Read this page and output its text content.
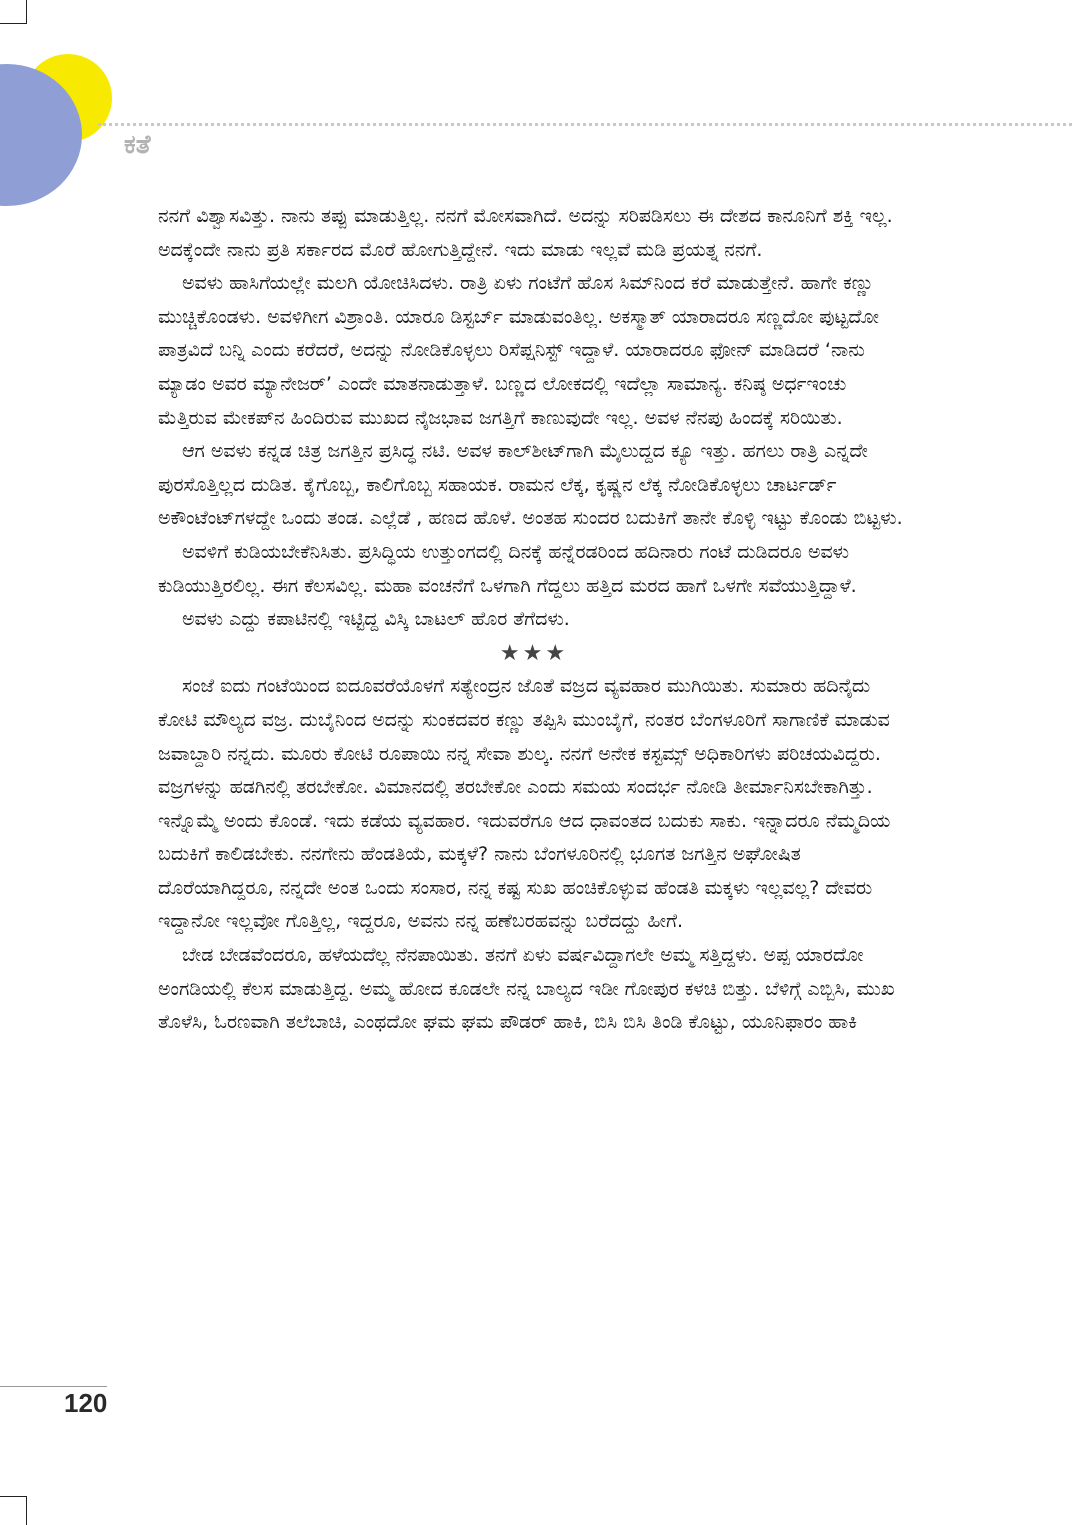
ಕತೆ

ನನಗೆ ವಿಶ್ವಾಸವಿತ್ತು. ನಾನು ತಪ್ಪು ಮಾಡುತ್ತಿಲ್ಲ. ನನಗೆ ಮೋಸವಾಗಿದೆ. ಅದನ್ನು ಸರಿಪಡಿಸಲು ಈ ದೇಶದ ಕಾನೂನಿಗೆ ಶಕ್ತಿ ಇಲ್ಲ. ಅದಕ್ಕೆಂದೇ ನಾನು ಪ್ರತಿ ಸರ್ಕಾರದ ಮೊರೆ ಹೋಗುತ್ತಿದ್ದೇನೆ. ಇದು ಮಾಡು ಇಲ್ಲವೆ ಮಡಿ ಪ್ರಯತ್ನ ನನಗೆ.

ಅವಳು ಹಾಸಿಗೆಯಲ್ಲೇ ಮಲಗಿ ಯೋಚಿಸಿದಳು. ರಾತ್ರಿ ಏಳು ಗಂಟೆಗೆ ಹೊಸ ಸಿಮ್‌ನಿಂದ ಕರೆ ಮಾಡುತ್ತೇನೆ. ಹಾಗೇ ಕಣ್ಣು ಮುಚ್ಚಿಕೊಂಡಳು. ಅವಳಿಗೀಗ ವಿಶ್ರಾಂತಿ. ಯಾರೂ ಡಿಸ್ಟರ್ಬ್ ಮಾಡುವಂತಿಲ್ಲ. ಅಕಸ್ಮಾತ್ ಯಾರಾದರೂ ಸಣ್ಣದೋ ಪುಟ್ಟದೋ ಪಾತ್ರವಿದೆ ಬನ್ನಿ ಎಂದು ಕರೆದರೆ, ಅದನ್ನು ನೋಡಿಕೊಳ್ಳಲು ರಿಸೆಪ್ಷನಿಸ್ಟ್ ಇದ್ದಾಳೆ. ಯಾರಾದರೂ ಫೋನ್ ಮಾಡಿದರೆ ‘ನಾನು ಮ್ಯಾಡಂ ಅವರ ಮ್ಯಾನೇಜರ್’ ಎಂದೇ ಮಾತನಾಡುತ್ತಾಳೆ. ಬಣ್ಣದ ಲೋಕದಲ್ಲಿ ಇದೆಲ್ಲಾ ಸಾಮಾನ್ಯ. ಕನಿಷ್ಠ ಅರ್ಧಇಂಚು ಮೆತ್ತಿರುವ ಮೇಕಪ್‌ನ ಹಿಂದಿರುವ ಮುಖದ ನೈಜಭಾವ ಜಗತ್ತಿಗೆ ಕಾಣುವುದೇ ಇಲ್ಲ. ಅವಳ ನೆನಪು ಹಿಂದಕ್ಕೆ ಸರಿಯಿತು.

ಆಗ ಅವಳು ಕನ್ನಡ ಚಿತ್ರ ಜಗತ್ತಿನ ಪ್ರಸಿದ್ಧ ನಟಿ. ಅವಳ ಕಾಲ್‌ಶೀಟ್‌ಗಾಗಿ ಮೈಲುದ್ದದ ಕ್ಯೂ ಇತ್ತು. ಹಗಲು ರಾತ್ರಿ ಎನ್ನದೇ ಪುರಸೊತ್ತಿಲ್ಲದ ದುಡಿತ. ಕೈಗೊಬ್ಬ, ಕಾಲಿಗೊಬ್ಬ ಸಹಾಯಕ. ರಾಮನ ಲೆಕ್ಕ, ಕೃಷ್ಣನ ಲೆಕ್ಕ ನೋಡಿಕೊಳ್ಳಲು ಚಾರ್ಟರ್ಡ್ ಅಕೌಂಟೆಂಟ್‌ಗಳದ್ದೇ ಒಂದು ತಂಡ. ಎಲ್ಲೆಡೆ , ಹಣದ ಹೊಳೆ. ಅಂತಹ ಸುಂದರ ಬದುಕಿಗೆ ತಾನೇ ಕೊಳ್ಳಿ ಇಟ್ಟು ಕೊಂಡು ಬಿಟ್ಟಳು.

ಅವಳಿಗೆ ಕುಡಿಯಬೇಕೆನಿಸಿತು. ಪ್ರಸಿದ್ಧಿಯ ಉತ್ತುಂಗದಲ್ಲಿ ದಿನಕ್ಕೆ ಹನ್ನೆರಡರಿಂದ ಹದಿನಾರು ಗಂಟೆ ದುಡಿದರೂ ಅವಳು ಕುಡಿಯುತ್ತಿರಲಿಲ್ಲ. ಈಗ ಕೆಲಸವಿಲ್ಲ. ಮಹಾ ವಂಚನೆಗೆ ಒಳಗಾಗಿ ಗೆದ್ದಲು ಹತ್ತಿದ ಮರದ ಹಾಗೆ ಒಳಗೇ ಸವೆಯುತ್ತಿದ್ದಾಳೆ.

ಅವಳು ಎದ್ದು ಕಪಾಟಿನಲ್ಲಿ ಇಟ್ಟಿದ್ದ ವಿಸ್ಕಿ ಬಾಟಲ್ ಹೊರ ತೆಗೆದಳು.

★★★

ಸಂಜೆ ಐದು ಗಂಟೆಯಿಂದ ಐದೂವರೆಯೊಳಗೆ ಸತ್ಯೇಂದ್ರನ ಜೊತೆ ವಜ್ರದ ವ್ಯವಹಾರ ಮುಗಿಯಿತು. ಸುಮಾರು ಹದಿನೈದು ಕೋಟಿ ಮೌಲ್ಯದ ವಜ್ರ. ದುಬೈನಿಂದ ಅದನ್ನು ಸುಂಕದವರ ಕಣ್ಣು ತಪ್ಪಿಸಿ ಮುಂಬೈಗೆ, ನಂತರ ಬೆಂಗಳೂರಿಗೆ ಸಾಗಾಣಿಕೆ ಮಾಡುವ ಜವಾಬ್ದಾರಿ ನನ್ನದು. ಮೂರು ಕೋಟಿ ರೂಪಾಯಿ ನನ್ನ ಸೇವಾ ಶುಲ್ಕ. ನನಗೆ ಅನೇಕ ಕಸ್ಟಮ್ಸ್ ಅಧಿಕಾರಿಗಳು ಪರಿಚಯವಿದ್ದರು. ವಜ್ರಗಳನ್ನು ಹಡಗಿನಲ್ಲಿ ತರಬೇಕೋ. ವಿಮಾನದಲ್ಲಿ ತರಬೇಕೋ ಎಂದು ಸಮಯ ಸಂದರ್ಭ ನೋಡಿ ತೀರ್ಮಾನಿಸಬೇಕಾಗಿತ್ತು. ಇನ್ನೊಮ್ಮೆ ಅಂದು ಕೊಂಡೆ. ಇದು ಕಡೆಯ ವ್ಯವಹಾರ. ಇದುವರೆಗೂ ಆದ ಧಾವಂತದ ಬದುಕು ಸಾಕು. ಇನ್ನಾದರೂ ನೆಮ್ಮದಿಯ ಬದುಕಿಗೆ ಕಾಲಿಡಬೇಕು. ನನಗೇನು ಹೆಂಡತಿಯೆ, ಮಕ್ಕಳೆ? ನಾನು ಬೆಂಗಳೂರಿನಲ್ಲಿ ಭೂಗತ ಜಗತ್ತಿನ ಅಘೋಷಿತ ದೊರೆಯಾಗಿದ್ದರೂ, ನನ್ನದೇ ಅಂತ ಒಂದು ಸಂಸಾರ, ನನ್ನ ಕಷ್ಟ ಸುಖ ಹಂಚಿಕೊಳ್ಳುವ ಹೆಂಡತಿ ಮಕ್ಕಳು ಇಲ್ಲವಲ್ಲ? ದೇವರು ಇದ್ದಾನೋ ಇಲ್ಲವೋ ಗೊತ್ತಿಲ್ಲ, ಇದ್ದರೂ, ಅವನು ನನ್ನ ಹಣೆಬರಹವನ್ನು ಬರೆದದ್ದು ಹೀಗೆ.

ಬೇಡ ಬೇಡವೆಂದರೂ, ಹಳೆಯದೆಲ್ಲ ನೆನಪಾಯಿತು. ತನಗೆ ಏಳು ವರ್ಷವಿದ್ದಾಗಲೇ ಅಮ್ಮ ಸತ್ತಿದ್ದಳು. ಅಪ್ಪ ಯಾರದೋ ಅಂಗಡಿಯಲ್ಲಿ ಕೆಲಸ ಮಾಡುತ್ತಿದ್ದ. ಅಮ್ಮ ಹೋದ ಕೂಡಲೇ ನನ್ನ ಬಾಲ್ಯದ ಇಡೀ ಗೋಪುರ ಕಳಚಿ ಬಿತ್ತು. ಬೆಳಿಗ್ಗೆ ಎಬ್ಬಿಸಿ, ಮುಖ ತೊಳೆಸಿ, ಓರಣವಾಗಿ ತಲೆಬಾಚಿ, ಎಂಥದೋ ಘಮ ಘಮ ಪೌಡರ್ ಹಾಕಿ, ಬಿಸಿ ಬಿಸಿ ತಿಂಡಿ ಕೊಟ್ಟು, ಯೂನಿಫಾರಂ ಹಾಕಿ

120
